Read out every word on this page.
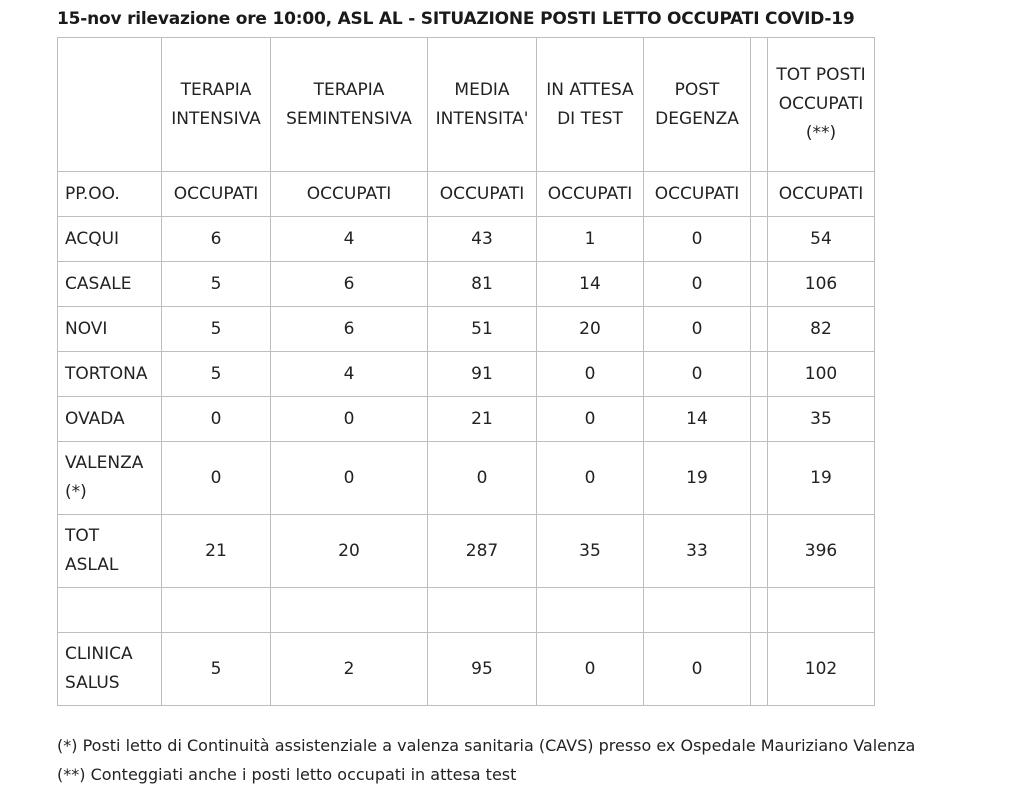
15-nov rilevazione ore 10:00, ASL AL - SITUAZIONE POSTI LETTO OCCUPATI COVID-19
	TERAPIA INTENSIVA	TERAPIA SEMINTENSIVA	MEDIA INTENSITA'	IN ATTESA DI TEST	POST DEGENZA		TOT POSTI OCCUPATI (**)
PP.OO.	OCCUPATI	OCCUPATI	OCCUPATI	OCCUPATI	OCCUPATI		OCCUPATI
ACQUI	6	4	43	1	0		54
CASALE	5	6	81	14	0		106
NOVI	5	6	51	20	0		82
TORTONA	5	4	91	0	0		100
OVADA	0	0	21	0	14		35
VALENZA (*)	0	0	0	0	19		19
TOT ASLAL	21	20	287	35	33		396

CLINICA SALUS	5	2	95	0	0		102
(*) Posti letto di Continuità assistenziale a valenza sanitaria (CAVS) presso ex Ospedale Mauriziano Valenza
(**) Conteggiati anche i posti letto occupati in attesa test
